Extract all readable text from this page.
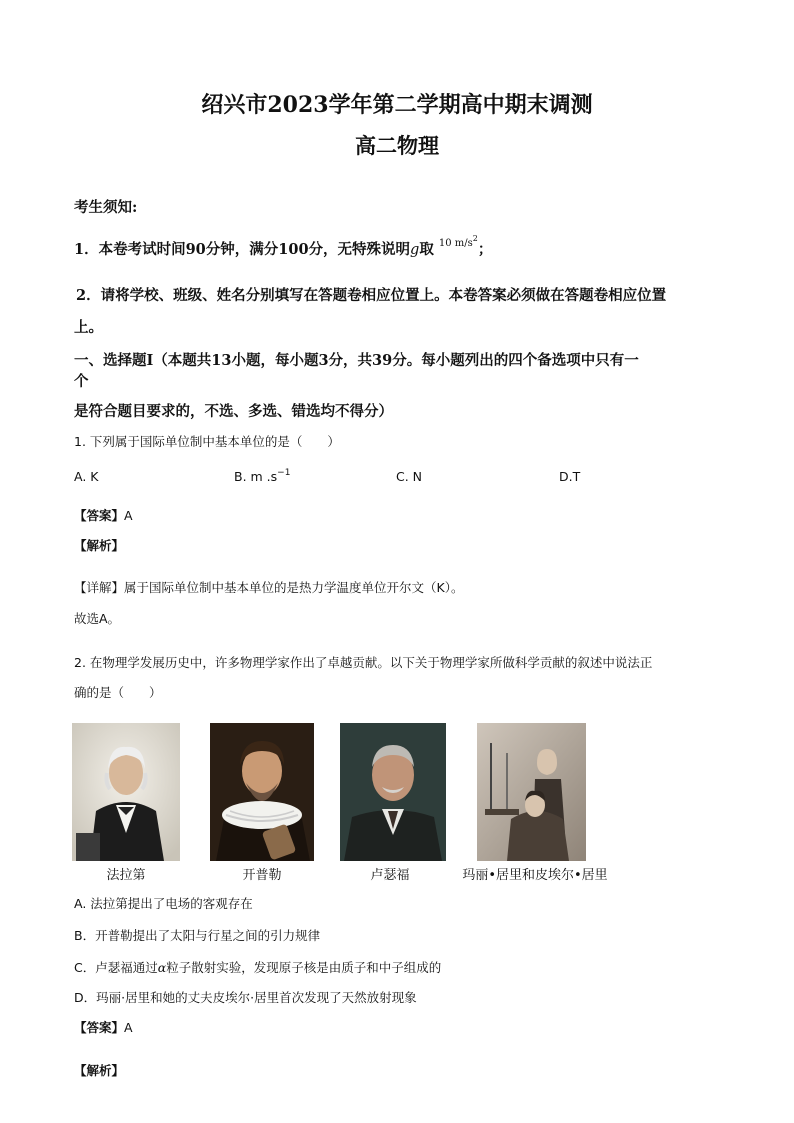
绍兴市2023学年第二学期高中期末调测
高二物理
考生须知:
1．本卷考试时间90分钟，满分100分，无特殊说明g取 $^{10 m/s^2}$；
2．请将学校、班级、姓名分别填写在答题卷相应位置上。本卷答案必须做在答题卷相应位置
上。
一、选择题Ⅰ（本题共13小题，每小题3分，共39分。每小题列出的四个备选项中只有一
个
是符合题目要求的，不选、多选、错选均不得分）
1. 下列属于国际单位制中基本单位的是（　　）
A. K	B. m $.s^{-1}$	C. N	D.T
【答案】A
【解析】
【详解】属于国际单位制中基本单位的是热力学温度单位开尔文（K）。
故选A。
2. 在物理学发展历史中，许多物理学家作出了卓越贡献。以下关于物理学家所做科学贡献的叙述中说法正
确的是（　　）
法拉第	开普勒	卢瑟福	玛丽•居里和皮埃尔•居里
A. 法拉第提出了电场的客观存在
B．开普勒提出了太阳与行星之间的引力规律
C．卢瑟福通过α粒子散射实验，发现原子核是由质子和中子组成的
D．玛丽·居里和她的丈夫皮埃尔·居里首次发现了天然放射现象
【答案】A
【解析】
